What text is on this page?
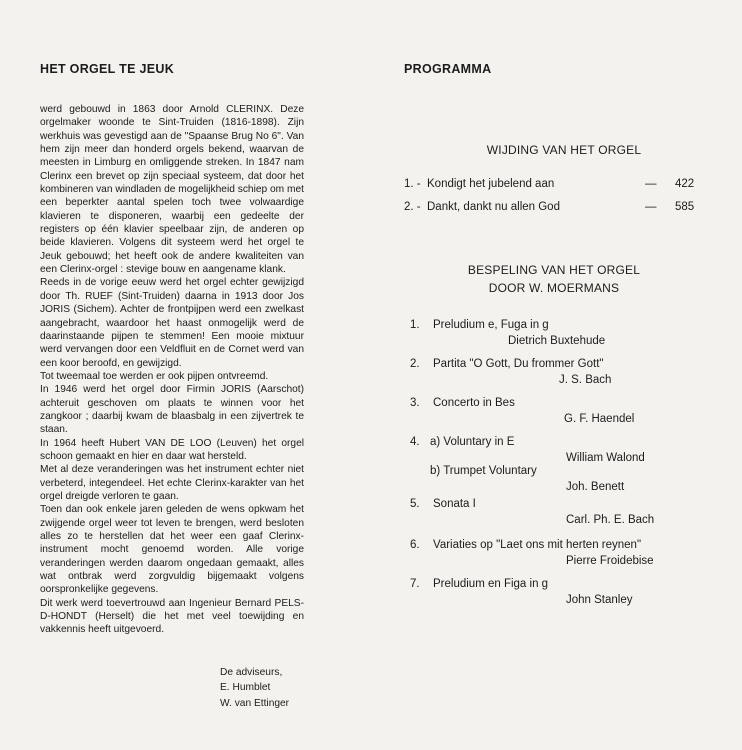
HET ORGEL TE JEUK

werd gebouwd in 1863 door Arnold CLERINX. Deze orgelmaker woonde te Sint-Truiden (1816-1898). Zijn werkhuis was gevestigd aan de "Spaanse Brug No 6". Van hem zijn meer dan honderd orgels bekend, waarvan de meesten in Limburg en omliggende streken. In 1847 nam Clerinx een brevet op zijn speciaal systeem, dat door het kombineren van windladen de mogelijkheid schiep om met een beperkter aantal spelen toch twee volwaardige klavieren te disponeren, waarbij een gedeelte der registers op één klavier speelbaar zijn, de anderen op beide klavieren. Volgens dit systeem werd het orgel te Jeuk gebouwd; het heeft ook de andere kwaliteiten van een Clerinx-orgel : stevige bouw en aangename klank.

Reeds in de vorige eeuw werd het orgel echter gewijzigd door Th. RUEF (Sint-Truiden) daarna in 1913 door Jos JORIS (Sichem). Achter de frontpijpen werd een zwelkast aangebracht, waardoor het haast onmogelijk werd de daarinstaande pijpen te stemmen! Een mooie mixtuur werd vervangen door een Veldfluit en de Cornet werd van een koor beroofd, en gewijzigd.

Tot tweemaal toe werden er ook pijpen ontvreemd.

In 1946 werd het orgel door Firmin JORIS (Aarschot) achteruit geschoven om plaats te winnen voor het zangkoor ; daarbij kwam de blaasbalg in een zijvertrek te staan.

In 1964 heeft Hubert VAN DE LOO (Leuven) het orgel schoon gemaakt en hier en daar wat hersteld.

Met al deze veranderingen was het instrument echter niet verbeterd, integendeel. Het echte Clerinx-karakter van het orgel dreigde verloren te gaan.

Toen dan ook enkele jaren geleden de wens opkwam het zwijgende orgel weer tot leven te brengen, werd besloten alles zo te herstellen dat het weer een gaaf Clerinx-instrument mocht genoemd worden. Alle vorige veranderingen werden daarom ongedaan gemaakt, alles wat ontbrak werd zorgvuldig bijgemaakt volgens oorspronkelijke gegevens.

Dit werk werd toevertrouwd aan Ingenieur Bernard PELS-D-HONDT (Herselt) die het met veel toewijding en vakkennis heeft uitgevoerd.

De adviseurs,
E. Humblet
W. van Ettinger
PROGRAMMA
WIJDING VAN HET ORGEL
1. - Kondigt het jubelend aan	— 422
2. - Dankt, dankt nu allen God	— 585
BESPELING VAN HET ORGEL
DOOR W. MOERMANS
1. Preludium e, Fuga in g
Dietrich Buxtehude
2. Partita "O Gott, Du frommer Gott"
J. S. Bach
3. Concerto in Bes
G. F. Haendel
4. a) Voluntary in E
William Walond
b) Trumpet Voluntary
Joh. Benett
5. Sonata I
Carl. Ph. E. Bach
6. Variaties op "Laet ons mit herten reynen"
Pierre Froidebise
7. Preludium en Figa in g
John Stanley
